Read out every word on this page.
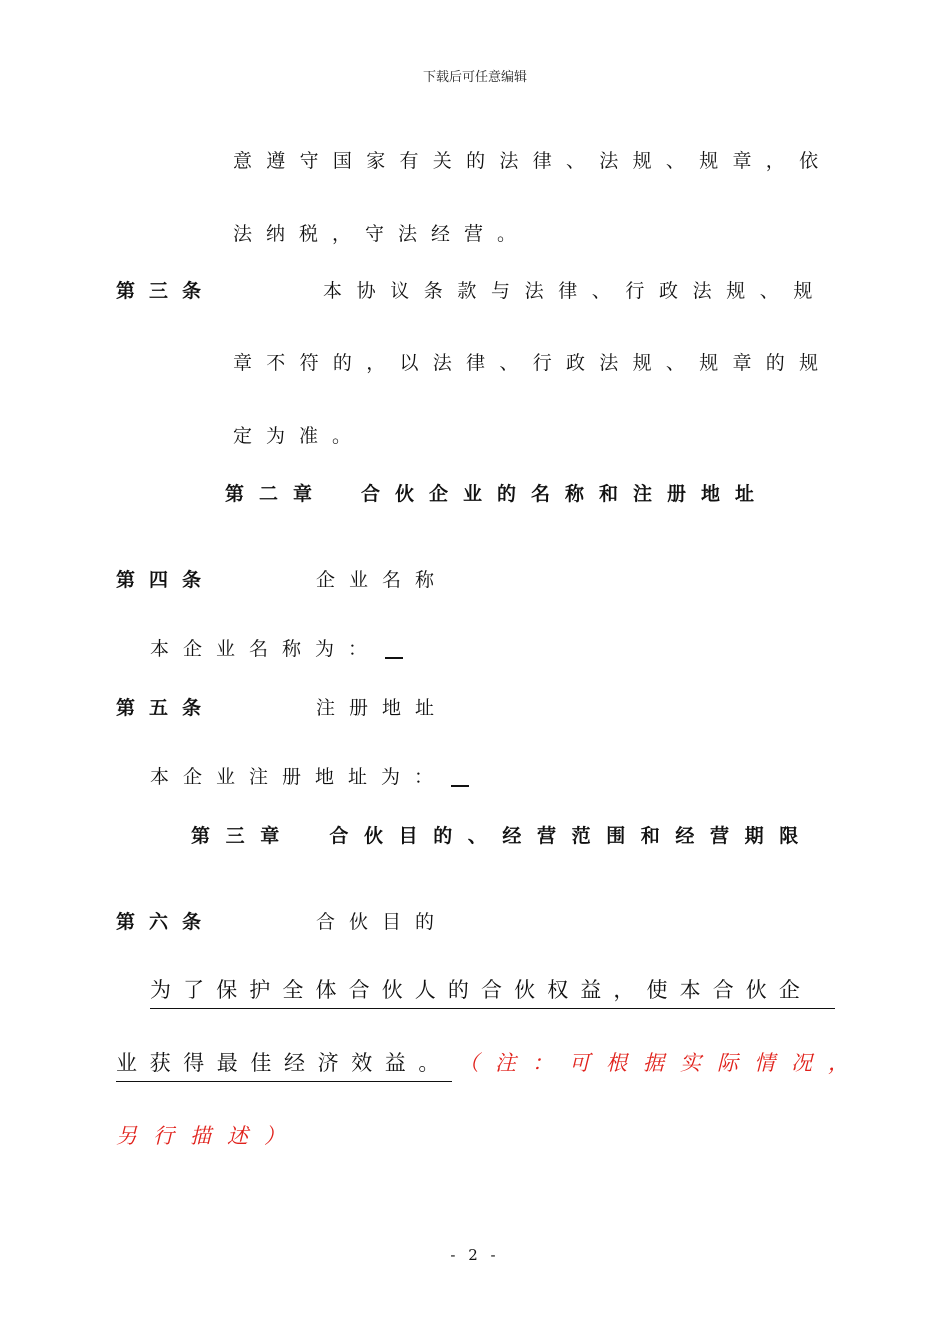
下载后可任意编辑
意遵守国家有关的法律、法规、规章，依
法纳税，守法经营。
第三条	本协议条款与法律、行政法规、规
章不符的，以法律、行政法规、规章的规
定为准。
第二章　合伙企业的名称和注册地址
第四条	企业名称
本企业名称为：
第五条	注册地址
本企业注册地址为：
第三章　合伙目的、经营范围和经营期限
第六条	合伙目的
为了保护全体合伙人的合伙权益，使本合伙企
业获得最佳经济效益。 （注：可根据实际情况，
另行描述）
- 2 -
